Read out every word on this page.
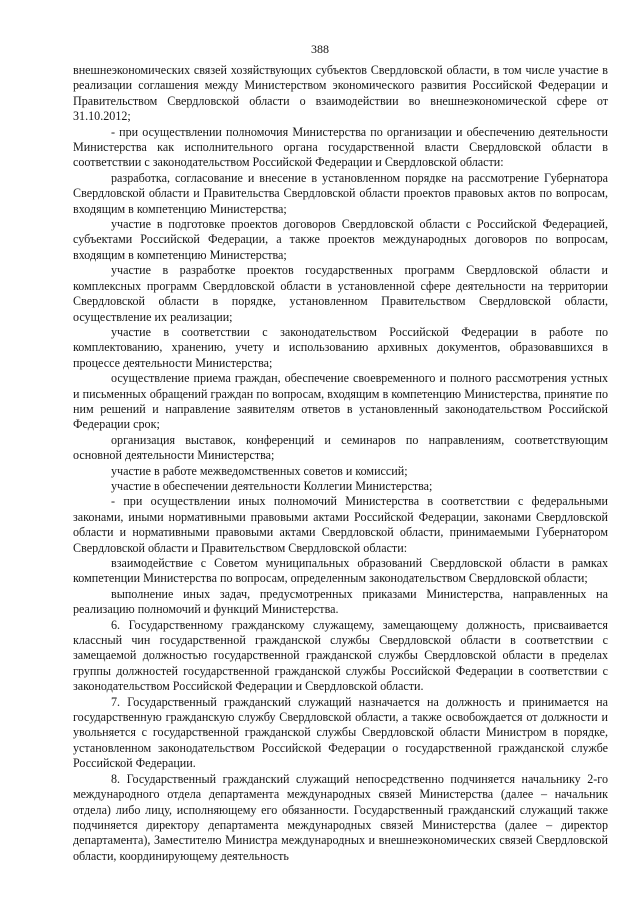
388

внешнеэкономических связей хозяйствующих субъектов Свердловской области, в том числе участие в реализации соглашения между Министерством экономического развития Российской Федерации и Правительством Свердловской области о взаимодействии во внешнеэкономической сфере от 31.10.2012;

- при осуществлении полномочия Министерства по организации и обеспечению деятельности Министерства как исполнительного органа государственной власти Свердловской области в соответствии с законодательством Российской Федерации и Свердловской области:

разработка, согласование и внесение в установленном порядке на рассмотрение Губернатора Свердловской области и Правительства Свердловской области проектов правовых актов по вопросам, входящим в компетенцию Министерства;

участие в подготовке проектов договоров Свердловской области с Российской Федерацией, субъектами Российской Федерации, а также проектов международных договоров по вопросам, входящим в компетенцию Министерства;

участие в разработке проектов государственных программ Свердловской области и комплексных программ Свердловской области в установленной сфере деятельности на территории Свердловской области в порядке, установленном Правительством Свердловской области, осуществление их реализации;

участие в соответствии с законодательством Российской Федерации в работе по комплектованию, хранению, учету и использованию архивных документов, образовавшихся в процессе деятельности Министерства;

осуществление приема граждан, обеспечение своевременного и полного рассмотрения устных и письменных обращений граждан по вопросам, входящим в компетенцию Министерства, принятие по ним решений и направление заявителям ответов в установленный законодательством Российской Федерации срок;

организация выставок, конференций и семинаров по направлениям, соответствующим основной деятельности Министерства;

участие в работе межведомственных советов и комиссий;

участие в обеспечении деятельности Коллегии Министерства;

- при осуществлении иных полномочий Министерства в соответствии с федеральными законами, иными нормативными правовыми актами Российской Федерации, законами Свердловской области и нормативными правовыми актами Свердловской области, принимаемыми Губернатором Свердловской области и Правительством Свердловской области:

взаимодействие с Советом муниципальных образований Свердловской области в рамках компетенции Министерства по вопросам, определенным законодательством Свердловской области;

выполнение иных задач, предусмотренных приказами Министерства, направленных на реализацию полномочий и функций Министерства.

6. Государственному гражданскому служащему, замещающему должность, присваивается классный чин государственной гражданской службы Свердловской области в соответствии с замещаемой должностью государственной гражданской службы Свердловской области в пределах группы должностей государственной гражданской службы Российской Федерации в соответствии с законодательством Российской Федерации и Свердловской области.

7. Государственный гражданский служащий назначается на должность и принимается на государственную гражданскую службу Свердловской области, а также освобождается от должности и увольняется с государственной гражданской службы Свердловской области Министром в порядке, установленном законодательством Российской Федерации о государственной гражданской службе Российской Федерации.

8. Государственный гражданский служащий непосредственно подчиняется начальнику 2-го международного отдела департамента международных связей Министерства (далее – начальник отдела) либо лицу, исполняющему его обязанности. Государственный гражданский служащий также подчиняется директору департамента международных связей Министерства (далее – директор департамента), Заместителю Министра международных и внешнеэкономических связей Свердловской области, координирующему деятельность
